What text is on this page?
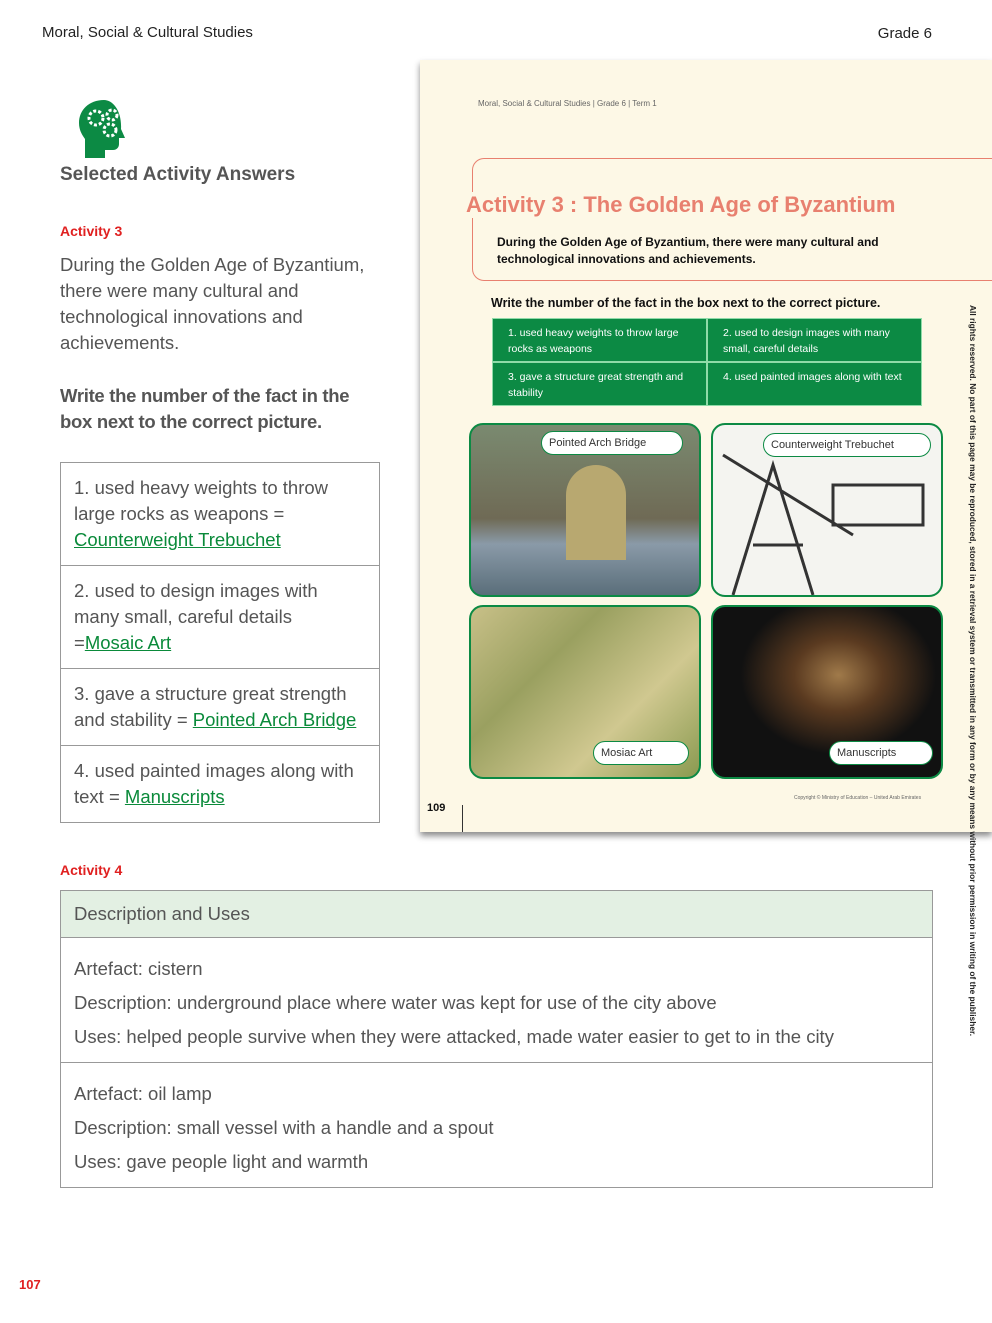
Moral, Social & Cultural Studies	Grade 6
Selected Activity Answers
Activity 3
During the Golden Age of Byzantium, there were many cultural and technological innovations and achievements.
Write the number of the fact in the box next to the correct picture.
1. used heavy weights to throw large rocks as weapons = Counterweight Trebuchet
2. used to design images with many small, careful details =Mosaic Art
3. gave a structure great strength and stability = Pointed Arch Bridge
4. used painted images along with text = Manuscripts
Moral, Social & Cultural Studies | Grade 6 | Term 1
Activity 3 : The Golden Age of Byzantium
During the Golden Age of Byzantium, there were many cultural and technological innovations and achievements.
Write the number of the fact in the box next to the correct picture.
1. used heavy weights to throw large rocks as weapons
2. used to design images with many small, careful details
3. gave a structure great strength and stability
4. used painted images along with text
Pointed Arch Bridge	Counterweight Trebuchet
Mosiac Art	Manuscripts
109
Copyright © Ministry of Education – United Arab Emirates	All rights reserved. No part of this page may be reproduced, stored in a retrieval system or transmitted in any form or by any means without prior permission in writing of the publisher.
Activity 4
Description and Uses
Artefact: cistern
Description: underground place where water was kept for use of the city above
Uses: helped people survive when they were attacked, made water easier to get to in the city
Artefact: oil lamp
Description: small vessel with a handle and a spout
Uses: gave people light and warmth
107
